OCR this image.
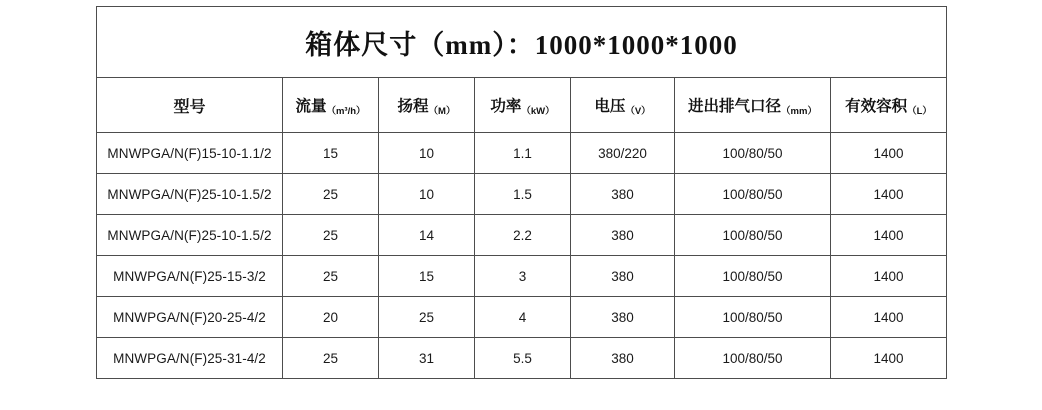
箱体尺寸（mm）：1000*1000*1000						
型号	流量（m³/h）	扬程（M）	功率（kW）	电压（V）	进出排气口径（mm）	有效容积（L）
MNWPGA/N(F)15-10-1.1/2	15	10	1.1	380/220	100/80/50	1400
MNWPGA/N(F)25-10-1.5/2	25	10	1.5	380	100/80/50	1400
MNWPGA/N(F)25-10-1.5/2	25	14	2.2	380	100/80/50	1400
MNWPGA/N(F)25-15-3/2	25	15	3	380	100/80/50	1400
MNWPGA/N(F)20-25-4/2	20	25	4	380	100/80/50	1400
MNWPGA/N(F)25-31-4/2	25	31	5.5	380	100/80/50	1400
